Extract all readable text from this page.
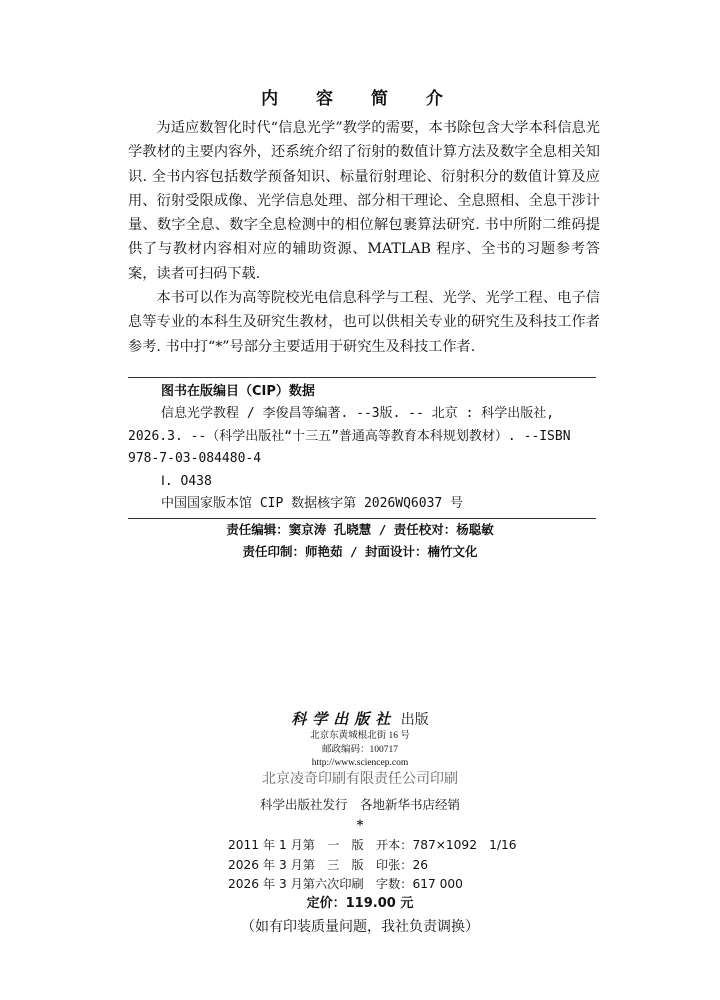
内 容 简 介

为适应数智化时代“信息光学”教学的需要，本书除包含大学本科信息光学教材的主要内容外，还系统介绍了衍射的数值计算方法及数字全息相关知识. 全书内容包括数学预备知识、标量衍射理论、衍射积分的数值计算及应用、衍射受限成像、光学信息处理、部分相干理论、全息照相、全息干涉计量、数字全息、数字全息检测中的相位解包裹算法研究. 书中所附二维码提供了与教材内容相对应的辅助资源、MATLAB 程序、全书的习题参考答案，读者可扫码下载.

本书可以作为高等院校光电信息科学与工程、光学、光学工程、电子信息等专业的本科生及研究生教材，也可以供相关专业的研究生及科技工作者参考. 书中打“*”号部分主要适用于研究生及科技工作者.

图书在版编目（CIP）数据
信息光学教程 / 李俊昌等编著. --3版. -- 北京 : 科学出版社,
2026.3. --（科学出版社“十三五”普通高等教育本科规划教材）. --ISBN
978-7-03-084480-4
Ⅰ. O438
中国国家版本馆 CIP 数据核字第 2026WQ6037 号
责任编辑：窦京涛 孔晓慧 / 责任校对：杨聪敏
责任印制：师艳茹 / 封面设计：楠竹文化
科学出版社 出版
北京东黄城根北街 16 号
邮政编码：100717
http://www.sciencep.com
北京凌奇印刷有限责任公司印刷
科学出版社发行　各地新华书店经销
*
2011 年 1 月第　一　版　开本：787×1092　1/16
2026 年 3 月第　三　版　印张：26
2026 年 3 月第六次印刷　字数：617 000
定价：119.00 元
（如有印装质量问题，我社负责调换）
